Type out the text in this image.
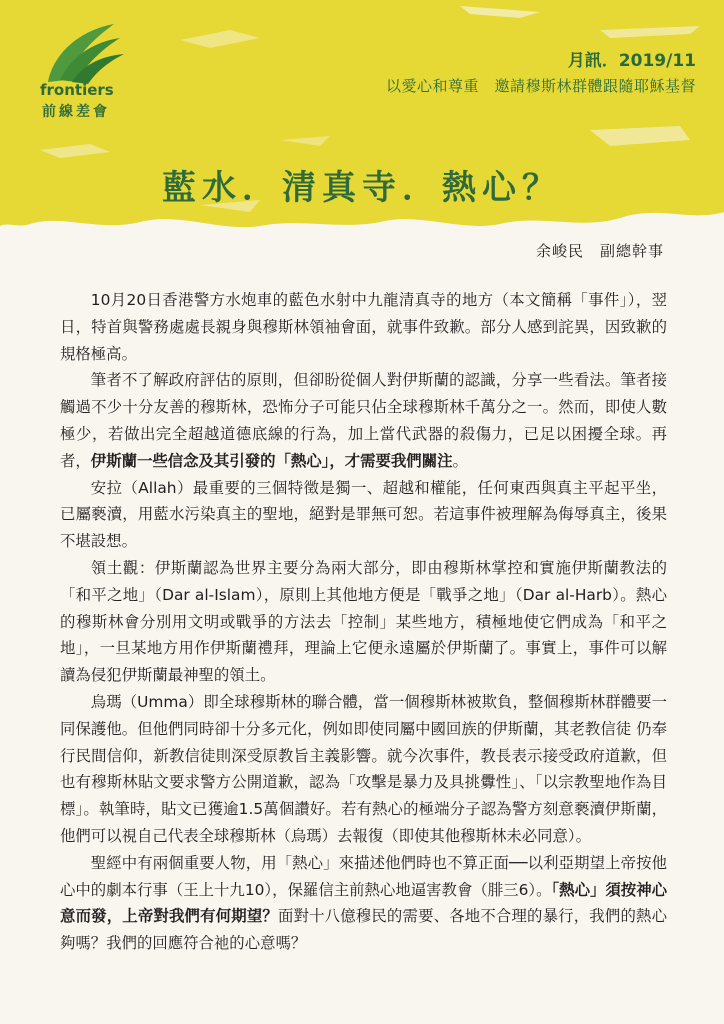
frontiers
前線差會
月訊．2019/11
以愛心和尊重　邀請穆斯林群體跟隨耶穌基督
藍水．清真寺．熱心？
余峻民　副總幹事

10月20日香港警方水炮車的藍色水射中九龍清真寺的地方（本文簡稱「事件」），翌日，特首與警務處處長親身與穆斯林領袖會面，就事件致歉。部分人感到詫異，因致歉的規格極高。

筆者不了解政府評估的原則，但卻盼從個人對伊斯蘭的認識，分享一些看法。筆者接觸過不少十分友善的穆斯林，恐怖分子可能只佔全球穆斯林千萬分之一。然而，即使人數極少，若做出完全超越道德底線的行為，加上當代武器的殺傷力，已足以困擾全球。再者，伊斯蘭一些信念及其引發的「熱心」，才需要我們關注。

安拉（Allah）最重要的三個特徵是獨一、超越和權能，任何東西與真主平起平坐，已屬褻瀆，用藍水污染真主的聖地，絕對是罪無可恕。若這事件被理解為侮辱真主，後果不堪設想。

領土觀：伊斯蘭認為世界主要分為兩大部分，即由穆斯林掌控和實施伊斯蘭教法的「和平之地」（Dar al-Islam），原則上其他地方便是「戰爭之地」（Dar al-Harb）。熱心的穆斯林會分別用文明或戰爭的方法去「控制」某些地方，積極地使它們成為「和平之地」，一旦某地方用作伊斯蘭禮拜，理論上它便永遠屬於伊斯蘭了。事實上，事件可以解讀為侵犯伊斯蘭最神聖的領土。

烏瑪（Umma）即全球穆斯林的聯合體，當一個穆斯林被欺負，整個穆斯林群體要一同保護他。但他們同時卻十分多元化，例如即使同屬中國回族的伊斯蘭，其老教信徒 仍奉行民間信仰，新教信徒則深受原教旨主義影響。就今次事件，教長表示接受政府道歉，但也有穆斯林貼文要求警方公開道歉，認為「攻擊是暴力及具挑釁性」、「以宗教聖地作為目標」。執筆時，貼文已獲逾1.5萬個讚好。若有熱心的極端分子認為警方刻意褻瀆伊斯蘭，他們可以視自己代表全球穆斯林（烏瑪）去報復（即使其他穆斯林未必同意）。

聖經中有兩個重要人物，用「熱心」來描述他們時也不算正面──以利亞期望上帝按他心中的劇本行事（王上十九10），保羅信主前熱心地逼害教會（腓三6）。「熱心」須按神心意而發，上帝對我們有何期望？面對十八億穆民的需要、各地不合理的暴行，我們的熱心夠嗎？我們的回應符合祂的心意嗎？
